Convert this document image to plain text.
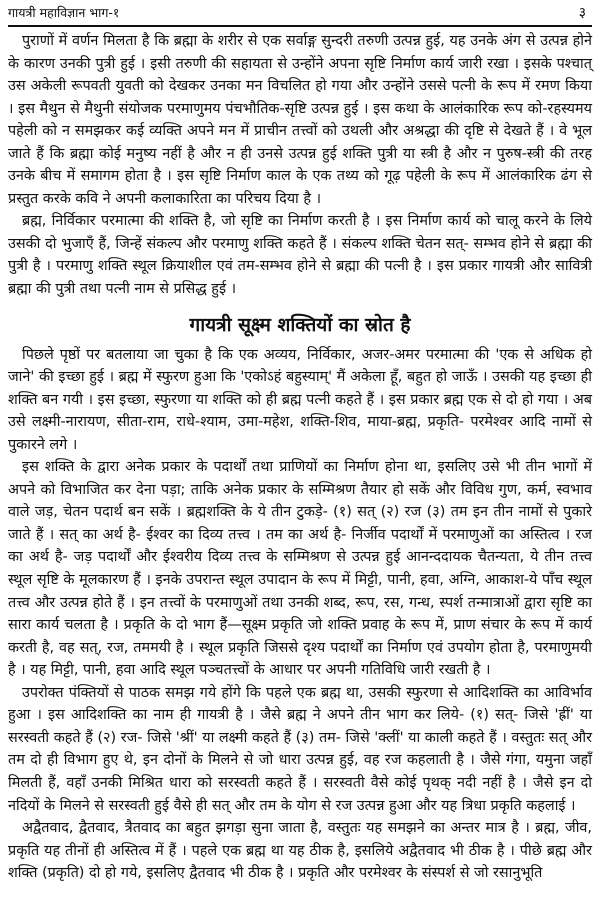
गायत्री महाविज्ञान भाग-१	३

पुराणों में वर्णन मिलता है कि ब्रह्मा के शरीर से एक सर्वाङ्ग सुन्दरी तरुणी उत्पन्न हुई, यह उनके अंग से उत्पन्न होने के कारण उनकी पुत्री हुई । इसी तरुणी की सहायता से उन्होंने अपना सृष्टि निर्माण कार्य जारी रखा । इसके पश्चात् उस अकेली रूपवती युवती को देखकर उनका मन विचलित हो गया और उन्होंने उससे पत्नी के रूप में रमण किया । इस मैथुन से मैथुनी संयोजक परमाणुमय पंचभौतिक-सृष्टि उत्पन्न हुई । इस कथा के आलंकारिक रूप को-रहस्यमय पहेली को न समझकर कई व्यक्ति अपने मन में प्राचीन तत्त्वों को उथली और अश्रद्धा की दृष्टि से देखते हैं । वे भूल जाते हैं कि ब्रह्मा कोई मनुष्य नहीं है और न ही उनसे उत्पन्न हुई शक्ति पुत्री या स्त्री है और न पुरुष-स्त्री की तरह उनके बीच में समागम होता है । इस सृष्टि निर्माण काल के एक तथ्य को गूढ़ पहेली के रूप में आलंकारिक ढंग से प्रस्तुत करके कवि ने अपनी कलाकारिता का परिचय दिया है ।

ब्रह्म, निर्विकार परमात्मा की शक्ति है, जो सृष्टि का निर्माण करती है । इस निर्माण कार्य को चालू करने के लिये उसकी दो भुजाएँ हैं, जिन्हें संकल्प और परमाणु शक्ति कहते हैं । संकल्प शक्ति चेतन सत्- सम्भव होने से ब्रह्मा की पुत्री है । परमाणु शक्ति स्थूल क्रियाशील एवं तम-सम्भव होने से ब्रह्मा की पत्नी है । इस प्रकार गायत्री और सावित्री ब्रह्मा की पुत्री तथा पत्नी नाम से प्रसिद्ध हुई ।

गायत्री सूक्ष्म शक्तियों का स्रोत है

पिछले पृष्ठों पर बतलाया जा चुका है कि एक अव्यय, निर्विकार, अजर-अमर परमात्मा की 'एक से अधिक हो जाने' की इच्छा हुई । ब्रह्म में स्फुरण हुआ कि 'एकोऽहं बहुस्याम्' मैं अकेला हूँ, बहुत हो जाऊँ । उसकी यह इच्छा ही शक्ति बन गयी । इस इच्छा, स्फुरणा या शक्ति को ही ब्रह्म पत्नी कहते हैं । इस प्रकार ब्रह्म एक से दो हो गया । अब उसे लक्ष्मी-नारायण, सीता-राम, राधे-श्याम, उमा-महेश, शक्ति-शिव, माया-ब्रह्म, प्रकृति- परमेश्वर आदि नामों से पुकारने लगे ।

इस शक्ति के द्वारा अनेक प्रकार के पदार्थों तथा प्राणियों का निर्माण होना था, इसलिए उसे भी तीन भागों में अपने को विभाजित कर देना पड़ा; ताकि अनेक प्रकार के सम्मिश्रण तैयार हो सकें और विविध गुण, कर्म, स्वभाव वाले जड़, चेतन पदार्थ बन सकें । ब्रह्मशक्ति के ये तीन टुकड़े- (१) सत् (२) रज (३) तम इन तीन नामों से पुकारे जाते हैं । सत् का अर्थ है- ईश्वर का दिव्य तत्त्व । तम का अर्थ है- निर्जीव पदार्थों में परमाणुओं का अस्तित्व । रज का अर्थ है- जड़ पदार्थों और ईश्वरीय दिव्य तत्त्व के सम्मिश्रण से उत्पन्न हुई आनन्ददायक चैतन्यता, ये तीन तत्त्व स्थूल सृष्टि के मूलकारण हैं । इनके उपरान्त स्थूल उपादान के रूप में मिट्टी, पानी, हवा, अग्नि, आकाश-ये पाँच स्थूल तत्त्व और उत्पन्न होते हैं । इन तत्त्वों के परमाणुओं तथा उनकी शब्द, रूप, रस, गन्ध, स्पर्श तन्मात्राओं द्वारा सृष्टि का सारा कार्य चलता है । प्रकृति के दो भाग हैं—सूक्ष्म प्रकृति जो शक्ति प्रवाह के रूप में, प्राण संचार के रूप में कार्य करती है, वह सत्, रज, तममयी है । स्थूल प्रकृति जिससे दृश्य पदार्थों का निर्माण एवं उपयोग होता है, परमाणुमयी है । यह मिट्टी, पानी, हवा आदि स्थूल पञ्चतत्त्वों के आधार पर अपनी गतिविधि जारी रखती है ।

उपरोक्त पंक्तियों से पाठक समझ गये होंगे कि पहले एक ब्रह्म था, उसकी स्फुरणा से आदिशक्ति का आविर्भाव हुआ । इस आदिशक्ति का नाम ही गायत्री है । जैसे ब्रह्म ने अपने तीन भाग कर लिये- (१) सत्- जिसे 'ह्रीं' या सरस्वती कहते हैं (२) रज- जिसे 'श्रीं' या लक्ष्मी कहते हैं (३) तम- जिसे 'क्लीं' या काली कहते हैं । वस्तुतः सत् और तम दो ही विभाग हुए थे, इन दोनों के मिलने से जो धारा उत्पन्न हुई, वह रज कहलाती है । जैसे गंगा, यमुना जहाँ मिलती हैं, वहाँ उनकी मिश्रित धारा को सरस्वती कहते हैं । सरस्वती वैसे कोई पृथक् नदी नहीं है । जैसे इन दो नदियों के मिलने से सरस्वती हुई वैसे ही सत् और तम के योग से रज उत्पन्न हुआ और यह त्रिधा प्रकृति कहलाई ।

अद्वैतवाद, द्वैतवाद, त्रैतवाद का बहुत झगड़ा सुना जाता है, वस्तुतः यह समझने का अन्तर मात्र है । ब्रह्म, जीव, प्रकृति यह तीनों ही अस्तित्व में हैं । पहले एक ब्रह्म था यह ठीक है, इसलिये अद्वैतवाद भी ठीक है । पीछे ब्रह्म और शक्ति (प्रकृति) दो हो गये, इसलिए द्वैतवाद भी ठीक है । प्रकृति और परमेश्वर के संस्पर्श से जो रसानुभूति
